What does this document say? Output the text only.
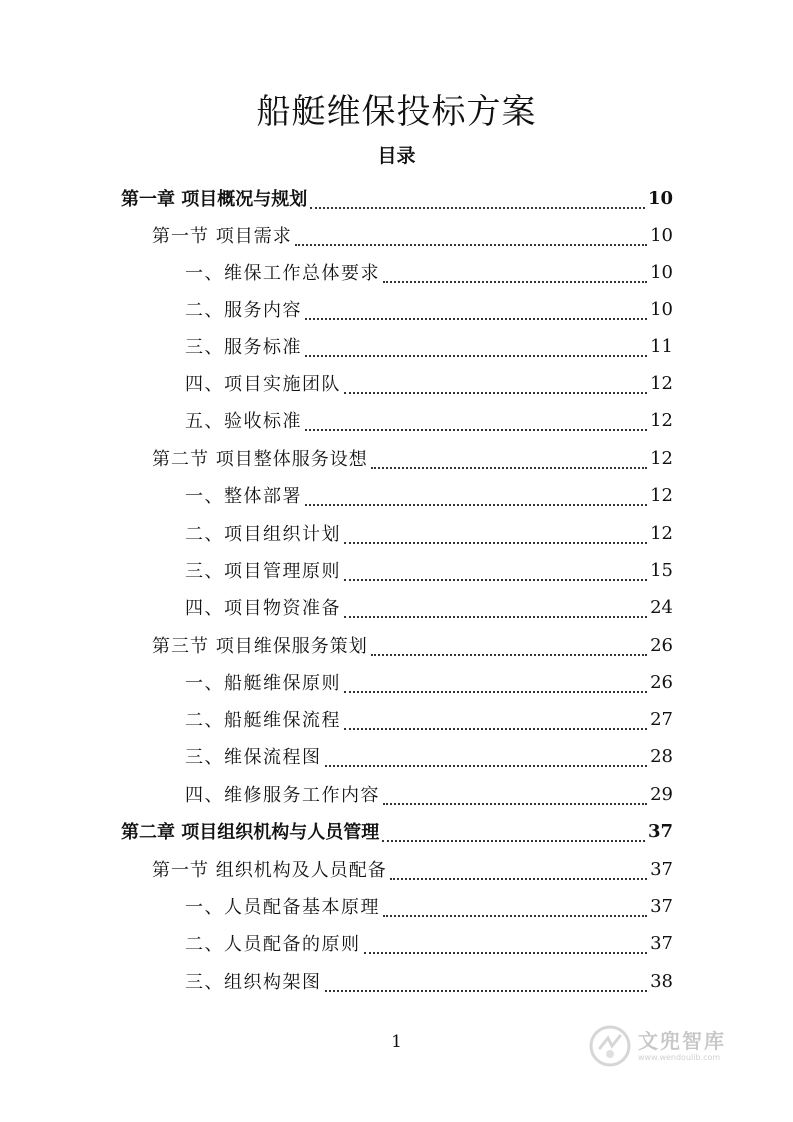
船艇维保投标方案
目录
第一章 项目概况与规划	10
第一节 项目需求	10
一、维保工作总体要求	10
二、服务内容	10
三、服务标准	11
四、项目实施团队	12
五、验收标准	12
第二节 项目整体服务设想	12
一、整体部署	12
二、项目组织计划	12
三、项目管理原则	15
四、项目物资准备	24
第三节 项目维保服务策划	26
一、船艇维保原则	26
二、船艇维保流程	27
三、维保流程图	28
四、维修服务工作内容	29
第二章 项目组织机构与人员管理	37
第一节 组织机构及人员配备	37
一、人员配备基本原理	37
二、人员配备的原则	37
三、组织构架图	38
1	文兜智库
www.wendoulib.com
